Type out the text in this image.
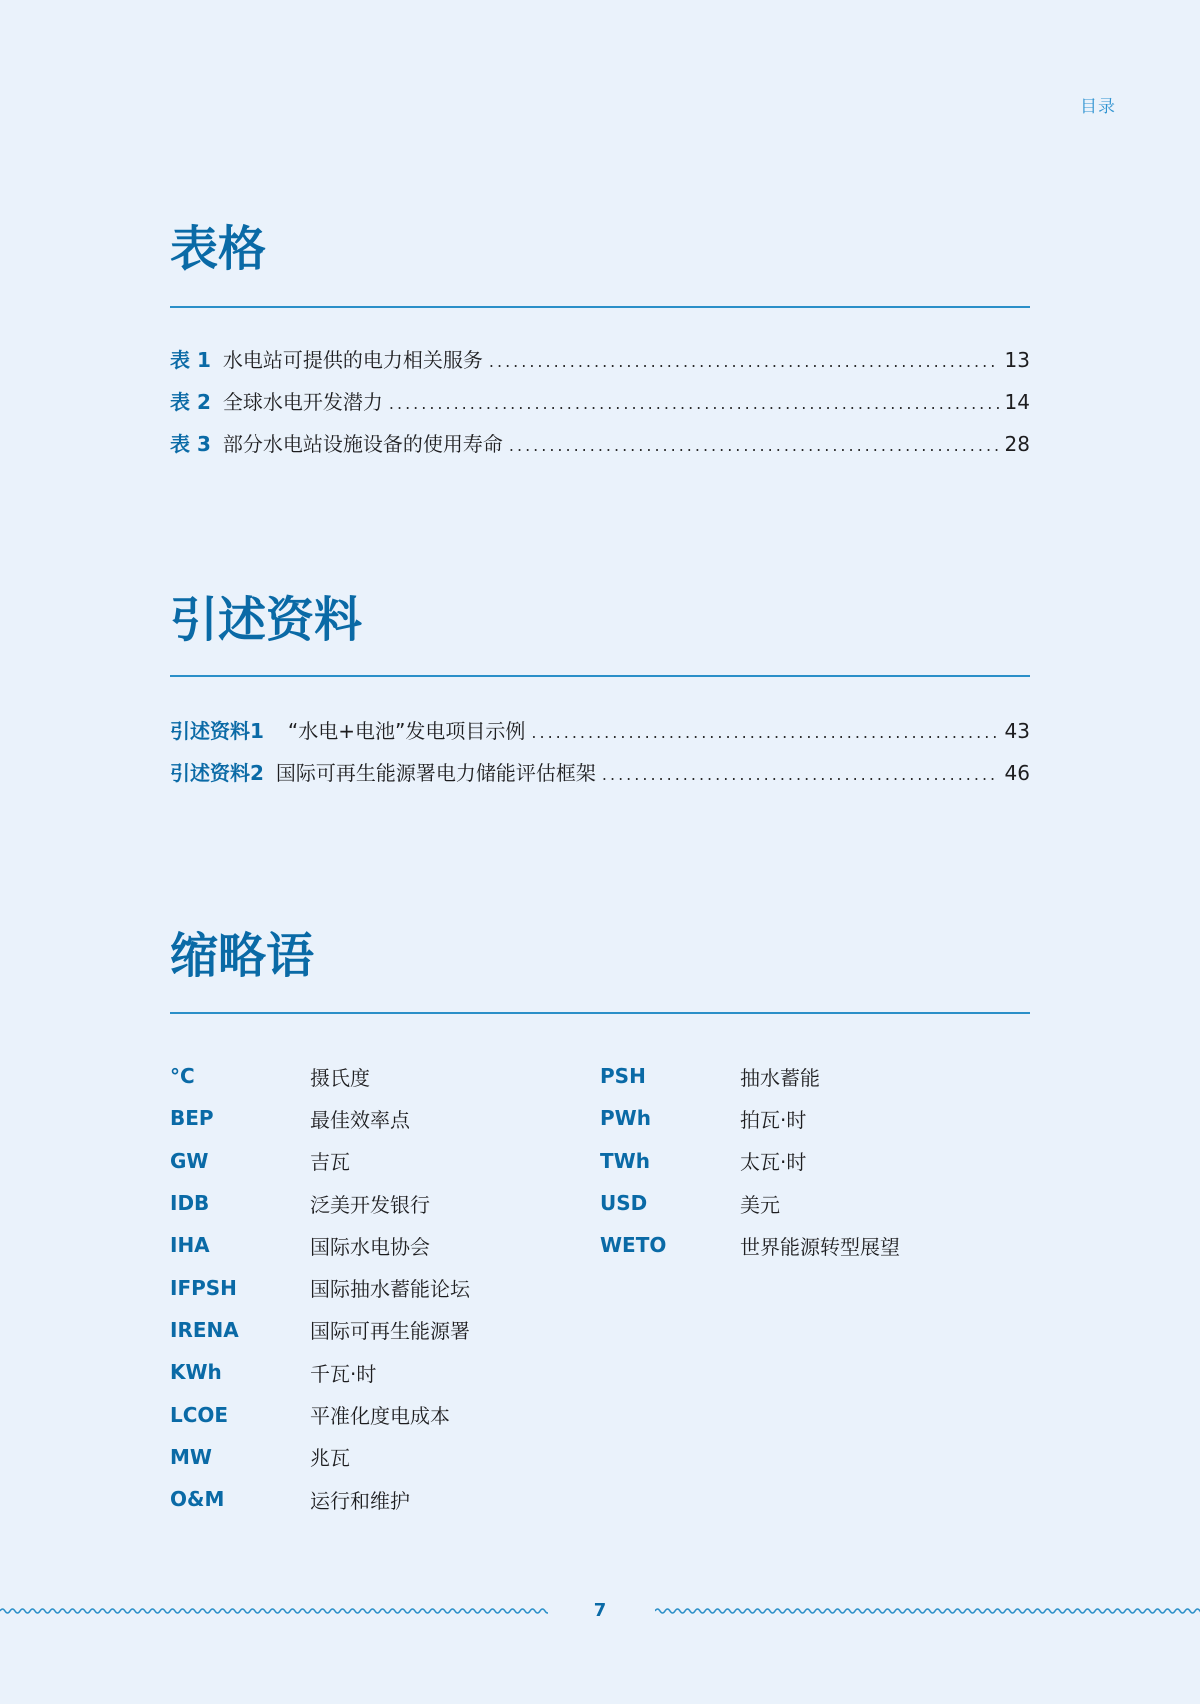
目录
表格
表 1 水电站可提供的电力相关服务 .....	13
表 2 全球水电开发潜力 .....	14
表 3 部分水电站设施设备的使用寿命 .....	28
引述资料
引述资料1 “水电+电池”发电项目示例 .....	43
引述资料2 国际可再生能源署电力储能评估框架 .....	46
缩略语
°C	摄氏度
BEP	最佳效率点
GW	吉瓦
IDB	泛美开发银行
IHA	国际水电协会
IFPSH	国际抽水蓄能论坛
IRENA	国际可再生能源署
KWh	千瓦·时
LCOE	平准化度电成本
MW	兆瓦
O&M	运行和维护
PSH	抽水蓄能
PWh	拍瓦·时
TWh	太瓦·时
USD	美元
WETO	世界能源转型展望
7
